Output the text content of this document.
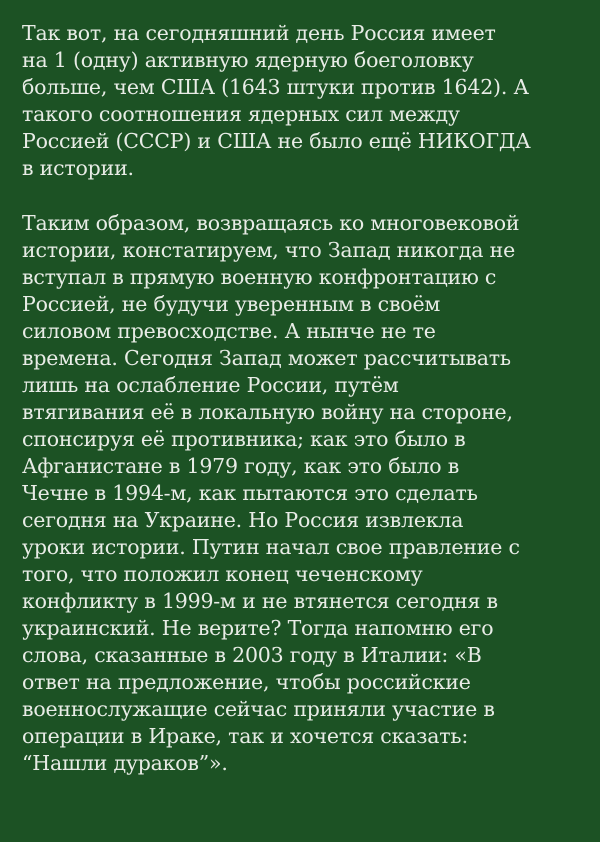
Так вот, на сегодняшний день Россия имеет
на 1 (одну) активную ядерную боеголовку
больше, чем США (1643 штуки против 1642). А
такого соотношения ядерных сил между
Россией (СССР) и США не было ещё НИКОГДА
в истории.

Таким образом, возвращаясь ко многовековой
истории, констатируем, что Запад никогда не
вступал в прямую военную конфронтацию с
Россией, не будучи уверенным в своём
силовом превосходстве. А нынче не те
времена. Сегодня Запад может рассчитывать
лишь на ослабление России, путём
втягивания её в локальную войну на стороне,
спонсируя её противника; как это было в
Афганистане в 1979 году, как это было в
Чечне в 1994-м, как пытаются это сделать
сегодня на Украине. Но Россия извлекла
уроки истории. Путин начал свое правление с
того, что положил конец чеченскому
конфликту в 1999-м и не втянется сегодня в
украинский. Не верите? Тогда напомню его
слова, сказанные в 2003 году в Италии: «В
ответ на предложение, чтобы российские
военнослужащие сейчас приняли участие в
операции в Ираке, так и хочется сказать:
“Нашли дураков”».
